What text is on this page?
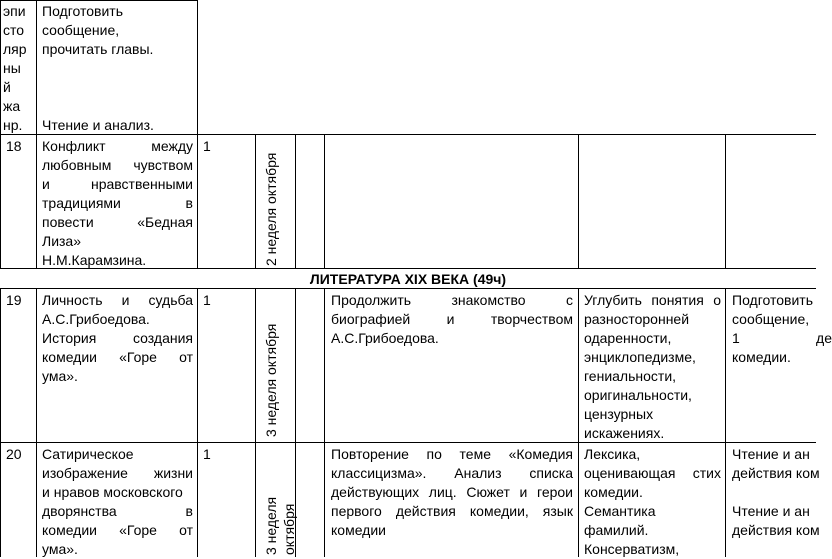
эпи

сто

ляр

ны

й

жа

нр.

Подготовить

сообщение,

прочитать главы.

Чтение и анализ.

18 Конфликт между

любовным чувством

и нравственными

традициями в

повести «Бедная

Лиза»

Н.М.Карамзина.

1

2 неделя октября
ЛИТЕРАТУРА XIX ВЕКА (49ч)

19 Личность и судьба

А.С.Грибоедова.

История создания

комедии «Горе от

ума».

1

3 неделя октября

Продолжить знакомство с

биографией и творчеством

А.С.Грибоедова.

Углубить понятия о

разносторонней

одаренности,

энциклопедизме,

гениальности,

оригинальности,

цензурных

искажениях.

Подготовить

сообщение,

1 де

комедии.

20 Сатирическое

изображение жизни

и нравов московского

дворянства в

комедии «Горе от

ума».

1

3 неделя октября

Повторение по теме «Комедия

классицизма». Анализ списка

действующих лиц. Сюжет и герои

первого действия комедии, язык

комедии

Лексика,

оценивающая стих

комедии.

Семантика

фамилий.

Консерватизм,

Чтение и ан

действия ком

Чтение и ан

действия ком
